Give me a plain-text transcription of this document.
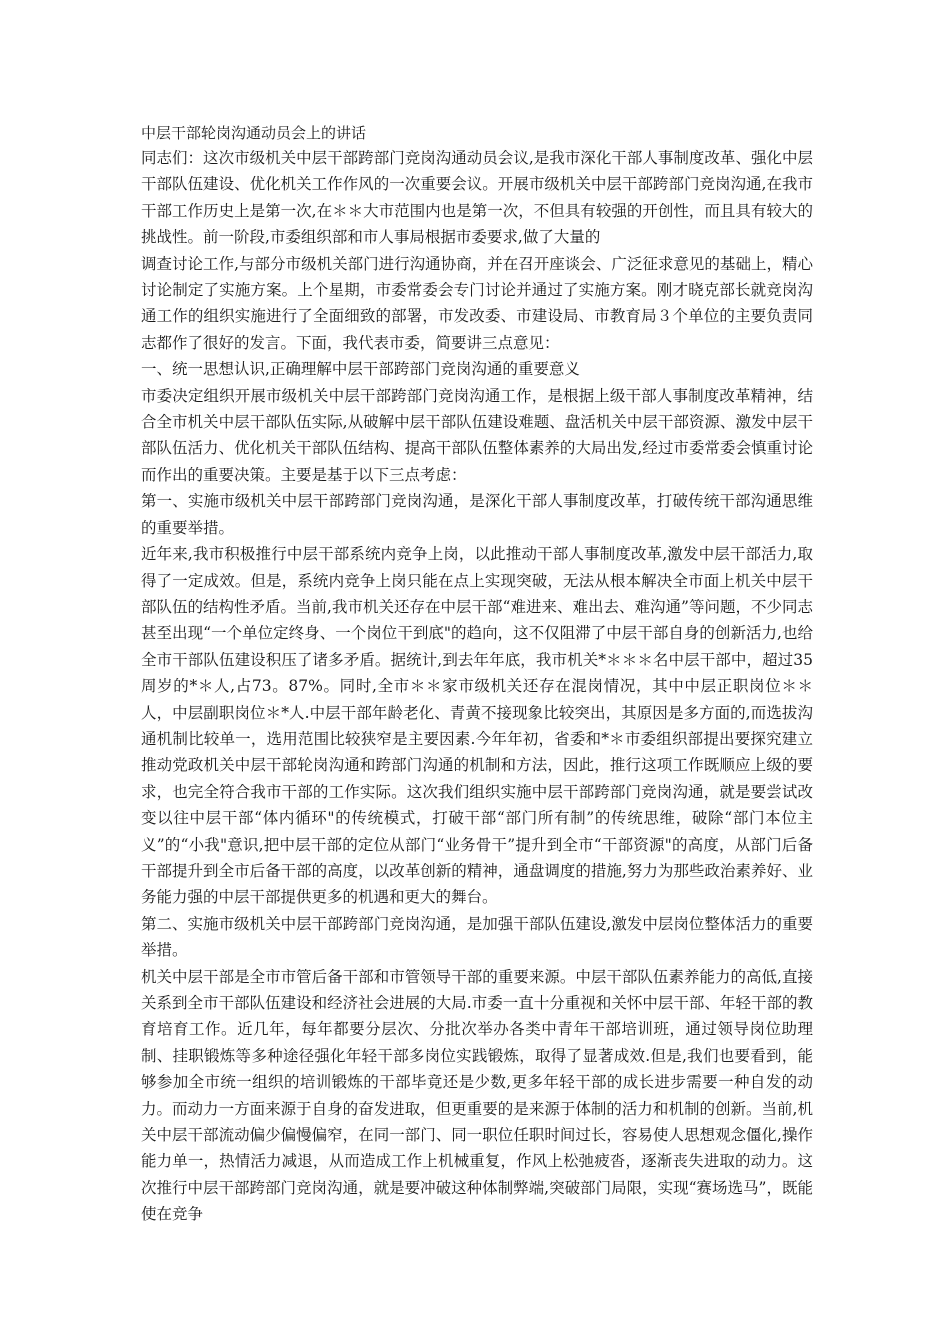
中层干部轮岗沟通动员会上的讲话

同志们：这次市级机关中层干部跨部门竞岗沟通动员会议,是我市深化干部人事制度改革、强化中层干部队伍建设、优化机关工作作风的一次重要会议。开展市级机关中层干部跨部门竞岗沟通,在我市干部工作历史上是第一次,在＊＊大市范围内也是第一次，不但具有较强的开创性，而且具有较大的挑战性。前一阶段,市委组织部和市人事局根据市委要求,做了大量的

调查讨论工作,与部分市级机关部门进行沟通协商，并在召开座谈会、广泛征求意见的基础上，精心讨论制定了实施方案。上个星期，市委常委会专门讨论并通过了实施方案。刚才晓克部长就竞岗沟通工作的组织实施进行了全面细致的部署，市发改委、市建设局、市教育局３个单位的主要负责同志都作了很好的发言。下面，我代表市委，简要讲三点意见：

一、统一思想认识,正确理解中层干部跨部门竞岗沟通的重要意义

市委决定组织开展市级机关中层干部跨部门竞岗沟通工作，是根据上级干部人事制度改革精神，结合全市机关中层干部队伍实际,从破解中层干部队伍建设难题、盘活机关中层干部资源、激发中层干部队伍活力、优化机关干部队伍结构、提高干部队伍整体素养的大局出发,经过市委常委会慎重讨论而作出的重要决策。主要是基于以下三点考虑：

第一、实施市级机关中层干部跨部门竞岗沟通，是深化干部人事制度改革，打破传统干部沟通思维的重要举措。

近年来,我市积极推行中层干部系统内竞争上岗，以此推动干部人事制度改革,激发中层干部活力,取得了一定成效。但是，系统内竞争上岗只能在点上实现突破，无法从根本解决全市面上机关中层干部队伍的结构性矛盾。当前,我市机关还存在中层干部“难进来、难出去、难沟通”等问题，不少同志甚至出现“一个单位定终身、一个岗位干到底"的趋向，这不仅阻滞了中层干部自身的创新活力,也给全市干部队伍建设积压了诸多矛盾。据统计,到去年年底，我市机关*＊＊＊名中层干部中，超过35周岁的*＊人,占73。87%。同时,全市＊＊家市级机关还存在混岗情况，其中中层正职岗位＊＊人，中层副职岗位＊*人.中层干部年龄老化、青黄不接现象比较突出，其原因是多方面的,而选拔沟通机制比较单一，选用范围比较狭窄是主要因素.今年年初，省委和*＊市委组织部提出要探究建立推动党政机关中层干部轮岗沟通和跨部门沟通的机制和方法，因此，推行这项工作既顺应上级的要求，也完全符合我市干部的工作实际。这次我们组织实施中层干部跨部门竞岗沟通，就是要尝试改变以往中层干部“体内循环"的传统模式，打破干部“部门所有制”的传统思维，破除“部门本位主义”的“小我"意识,把中层干部的定位从部门“业务骨干”提升到全市“干部资源"的高度，从部门后备干部提升到全市后备干部的高度，以改革创新的精神，通盘调度的措施,努力为那些政治素养好、业务能力强的中层干部提供更多的机遇和更大的舞台。

第二、实施市级机关中层干部跨部门竞岗沟通，是加强干部队伍建设,激发中层岗位整体活力的重要举措。

机关中层干部是全市市管后备干部和市管领导干部的重要来源。中层干部队伍素养能力的高低,直接关系到全市干部队伍建设和经济社会进展的大局.市委一直十分重视和关怀中层干部、年轻干部的教育培育工作。近几年，每年都要分层次、分批次举办各类中青年干部培训班，通过领导岗位助理制、挂职锻炼等多种途径强化年轻干部多岗位实践锻炼，取得了显著成效.但是,我们也要看到，能够参加全市统一组织的培训锻炼的干部毕竟还是少数,更多年轻干部的成长进步需要一种自发的动力。而动力一方面来源于自身的奋发进取，但更重要的是来源于体制的活力和机制的创新。当前,机关中层干部流动偏少偏慢偏窄，在同一部门、同一职位任职时间过长，容易使人思想观念僵化,操作能力单一，热情活力减退，从而造成工作上机械重复，作风上松弛疲沓，逐渐丧失进取的动力。这次推行中层干部跨部门竞岗沟通，就是要冲破这种体制弊端,突破部门局限，实现“赛场选马”，既能使在竞争
